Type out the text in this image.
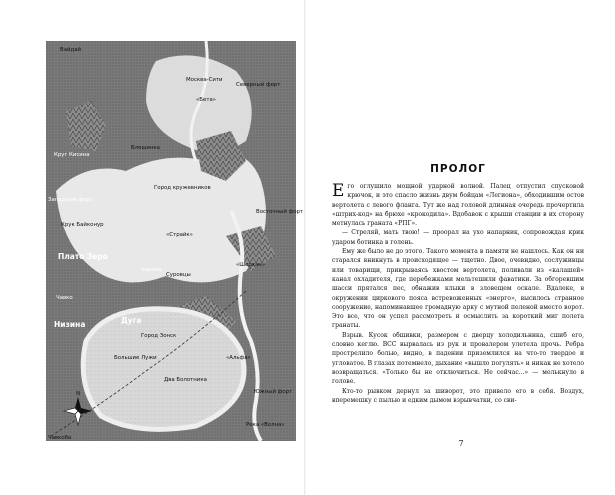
N
Вайдай
Северный форт
Москва-Сити
«Бета»
Круг Кисина
Блошинка
Западный форт
Крук Байконур
Город кружевников
Восточный форт
«Страйк»
Чанова
Плато Зеро
Суровцы
«Шерхан»
Чавко
Низина	Дуга
Город Зонск
Большие Лужи	«Альфа»
Два Болотника
Южный форт
Река «Волна»
Чавкоба
7
ПРОЛОГ

Его оглушило мощной ударной волной. Палец отпустил спусковой крючок, и это спасло жизнь двум бойцам «Легиона», обходившим остов вертолета с левого фланга. Тут же над головой длинная очередь прочертила «штрих-код» на брюхе «крокодила». Вдобавок с крыши станции в их сторону метнулась граната «РПГ».

— Стреляй, мать твою! — проорал на ухо напарник, сопровождая крик ударом ботинка в голень.

Ему же было не до этого. Такого момента в памяти не нашлось. Как он ни старался вникнуть в происходящее — тщетно. Двое, очевидно, сослуживцы или товарищи, прикрываясь хвостом вертолета, поливали из «калашей» канал охладителя, где перебежками мельтешили фаватики. За обгоревшим шасси прятался пес, обнажив клыки в зловещем оскале. Вдалеке, в окружении циркового пояса встревоженных «энерго», высилось странное сооружение, напоминавшее громадную арку с мутной пеленой вместо ворот. Это все, что он успел рассмотреть и осмыслить за короткий миг полета гранаты.

Взрыв. Кусок обшивки, размером с дверцу холодильника, сшиб его, словно кеглю. ВСС вырвалась из рук и провалером улетела прочь. Ребра прострелило болью, видно, в падении приземлился на что-то твердое и угловатое. В глазах потемнело, дыхание «вышло погулять» и никак не хотело возвращаться. «Только бы не отключиться. Не сейчас...» — мелькнуло в голове.

Кто-то рывком дернул за шиворот, это привело его в себя. Воздух, вперемешку с пылью и едким дымом взрывчатки, со сви-
